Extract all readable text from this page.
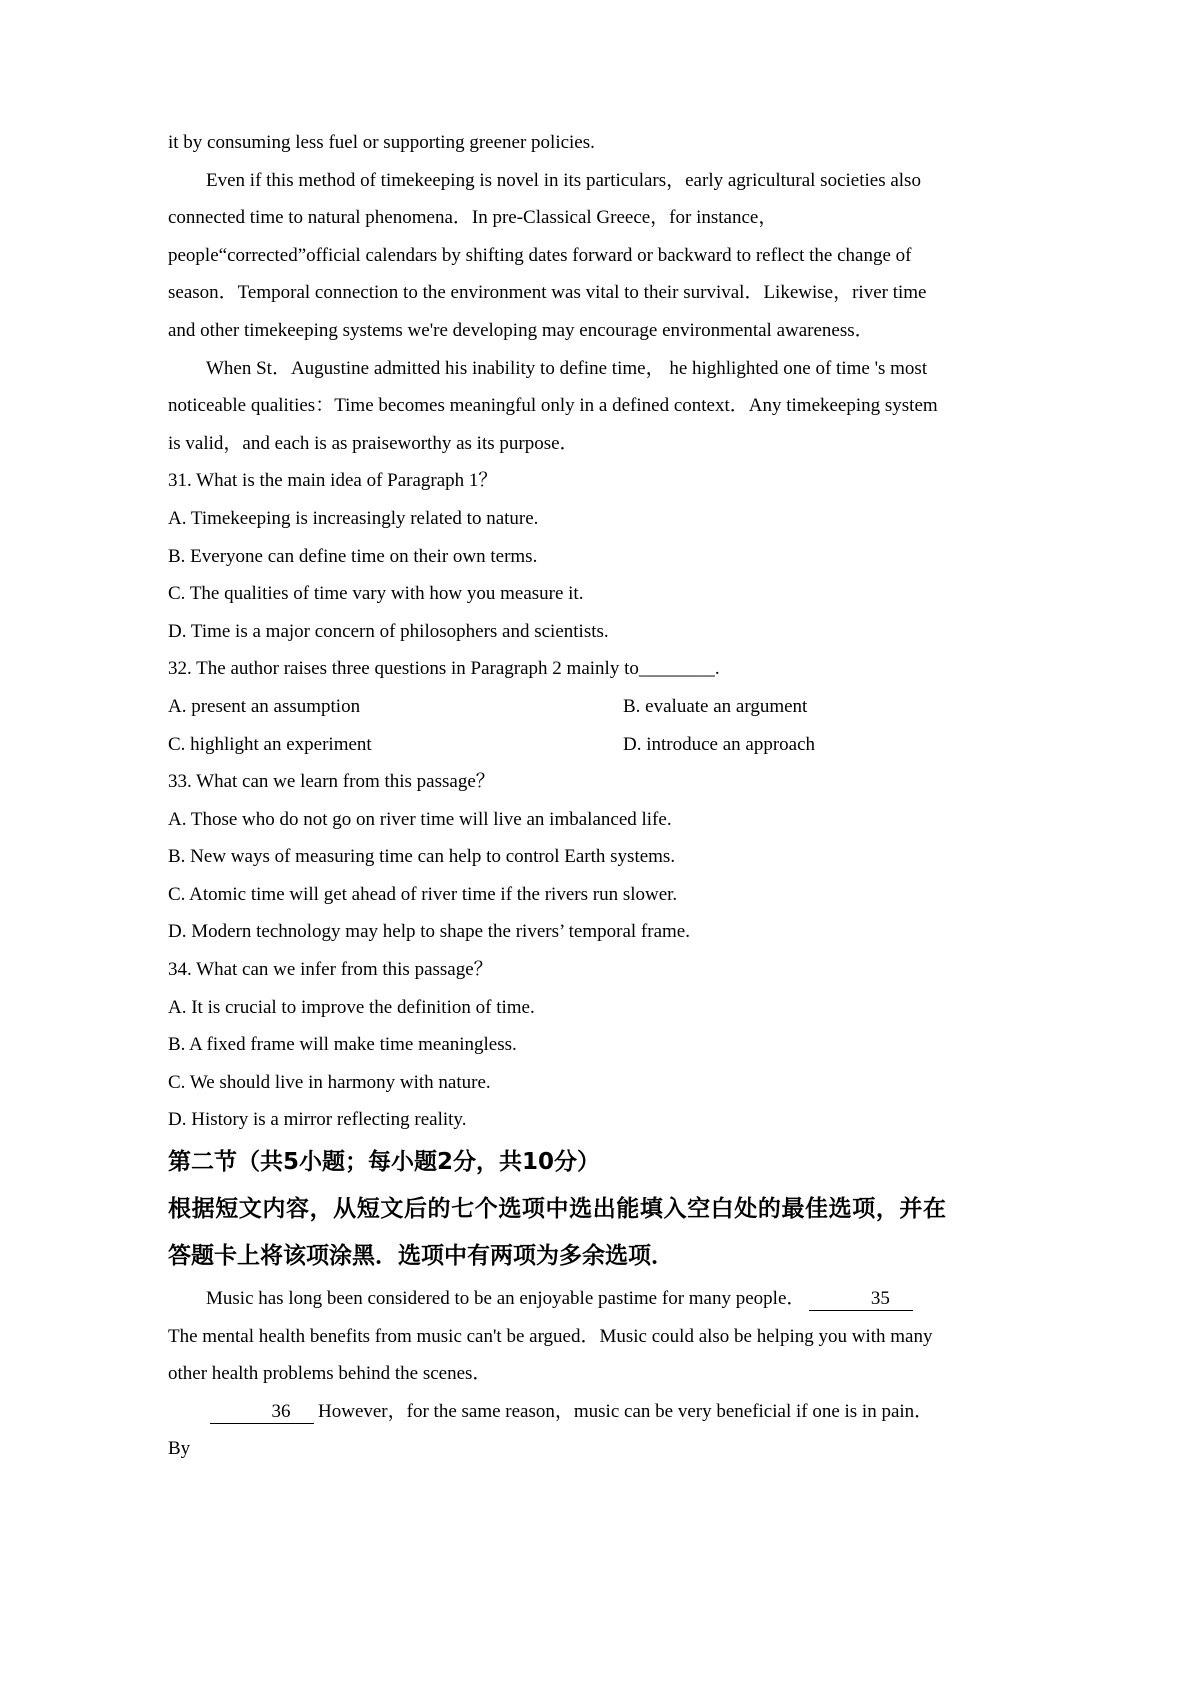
it by consuming less fuel or supporting greener policies.

Even if this method of timekeeping is novel in its particulars，early agricultural societies also connected time to natural phenomena．In pre-Classical Greece，for instance，people“corrected”official calendars by shifting dates forward or backward to reflect the change of season．Temporal connection to the environment was vital to their survival．Likewise，river time and other timekeeping systems we're developing may encourage environmental awareness．

When St．Augustine admitted his inability to define time， he highlighted one of time 's most noticeable qualities：Time becomes meaningful only in a defined context．Any timekeeping system is valid，and each is as praiseworthy as its purpose．

31. What is the main idea of Paragraph 1？

A. Timekeeping is increasingly related to nature.

B. Everyone can define time on their own terms.

C. The qualities of time vary with how you measure it.

D. Time is a major concern of philosophers and scientists.

32. The author raises three questions in Paragraph 2 mainly to________.

A. present an assumption	B. evaluate an argument
C. highlight an experiment	D. introduce an approach

33. What can we learn from this passage？

A. Those who do not go on river time will live an imbalanced life.

B. New ways of measuring time can help to control Earth systems.

C. Atomic time will get ahead of river time if the rivers run slower.

D. Modern technology may help to shape the rivers’ temporal frame.

34. What can we infer from this passage？

A. It is crucial to improve the definition of time.

B. A fixed frame will make time meaningless.

C. We should live in harmony with nature.

D. History is a mirror reflecting reality.

第二节（共5小题；每小题2分，共10分）

根据短文内容，从短文后的七个选项中选出能填入空白处的最佳选项，并在答题卡上将该项涂黑．选项中有两项为多余选项．

Music has long been considered to be an enjoyable pastime for many people．	35 The mental health benefits from music can't be argued．Music could also be helping you with many other health problems behind the scenes．

36 However，for the same reason，music can be very beneficial if one is in pain．By
